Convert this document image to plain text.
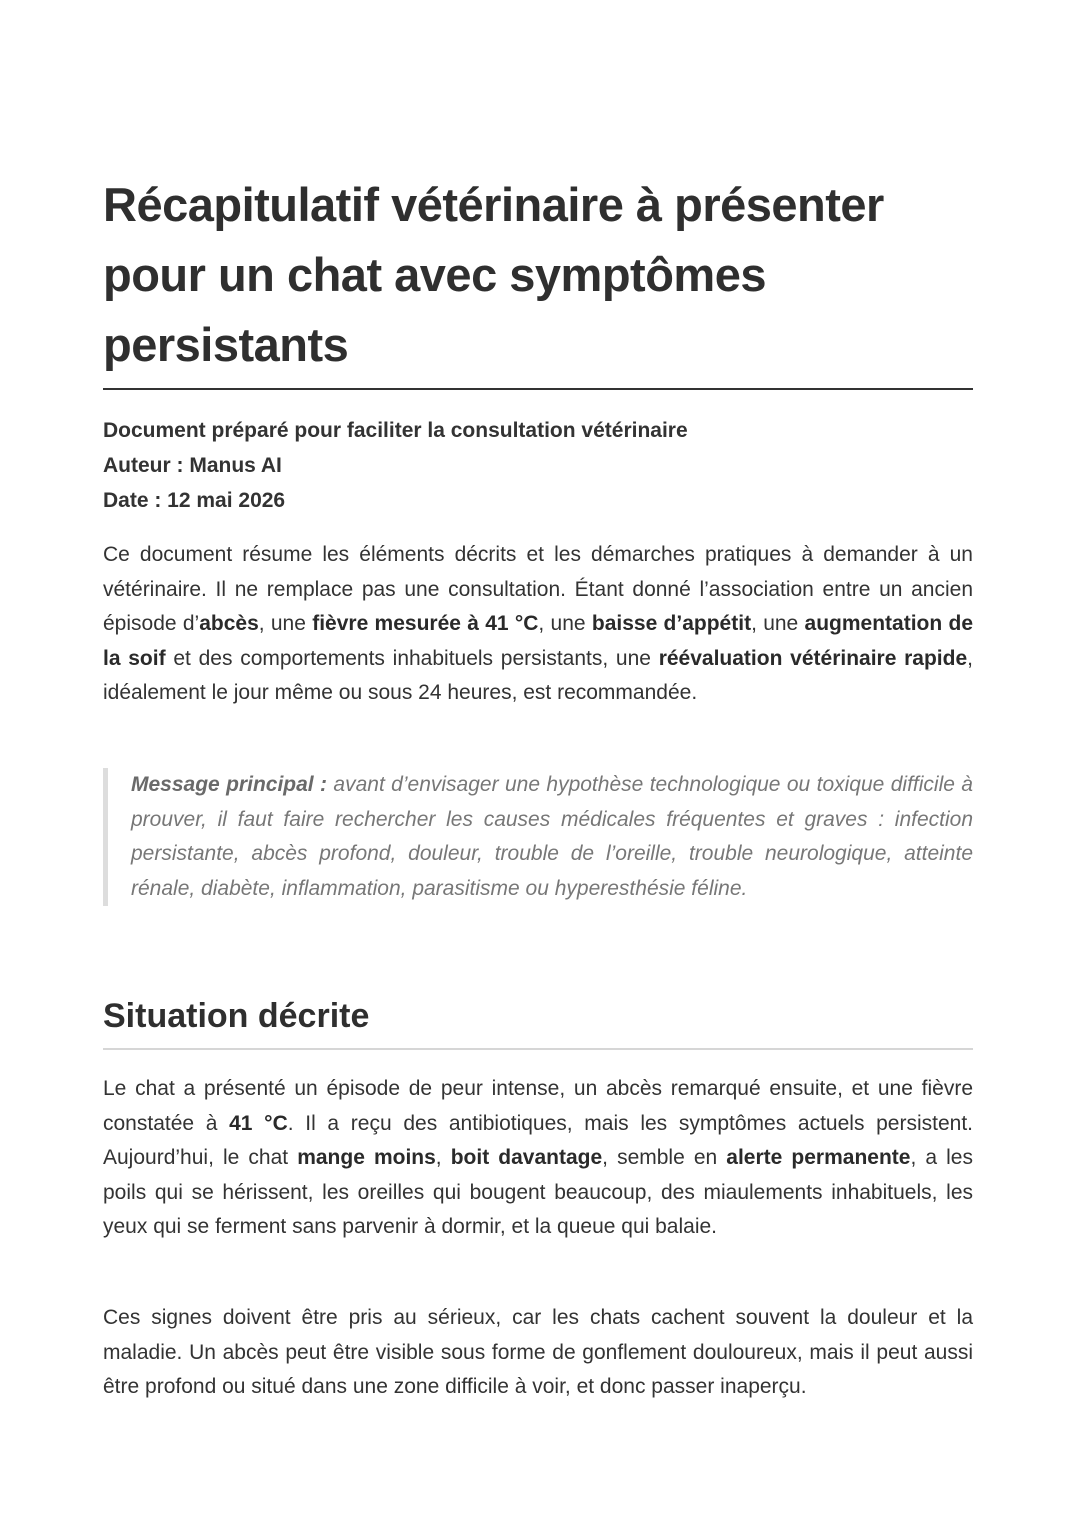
Récapitulatif vétérinaire à présenter pour un chat avec symptômes persistants
Document préparé pour faciliter la consultation vétérinaire
Auteur : Manus AI
Date : 12 mai 2026

Ce document résume les éléments décrits et les démarches pratiques à demander à un vétérinaire. Il ne remplace pas une consultation. Étant donné l’association entre un ancien épisode d’abcès, une fièvre mesurée à 41 °C, une baisse d’appétit, une augmentation de la soif et des comportements inhabituels persistants, une réévaluation vétérinaire rapide, idéalement le jour même ou sous 24 heures, est recommandée.

Message principal : avant d’envisager une hypothèse technologique ou toxique difficile à prouver, il faut faire rechercher les causes médicales fréquentes et graves : infection persistante, abcès profond, douleur, trouble de l’oreille, trouble neurologique, atteinte rénale, diabète, inflammation, parasitisme ou hyperesthésie féline.

Situation décrite

Le chat a présenté un épisode de peur intense, un abcès remarqué ensuite, et une fièvre constatée à 41 °C. Il a reçu des antibiotiques, mais les symptômes actuels persistent. Aujourd’hui, le chat mange moins, boit davantage, semble en alerte permanente, a les poils qui se hérissent, les oreilles qui bougent beaucoup, des miaulements inhabituels, les yeux qui se ferment sans parvenir à dormir, et la queue qui balaie.

Ces signes doivent être pris au sérieux, car les chats cachent souvent la douleur et la maladie. Un abcès peut être visible sous forme de gonflement douloureux, mais il peut aussi être profond ou situé dans une zone difficile à voir, et donc passer inaperçu.
